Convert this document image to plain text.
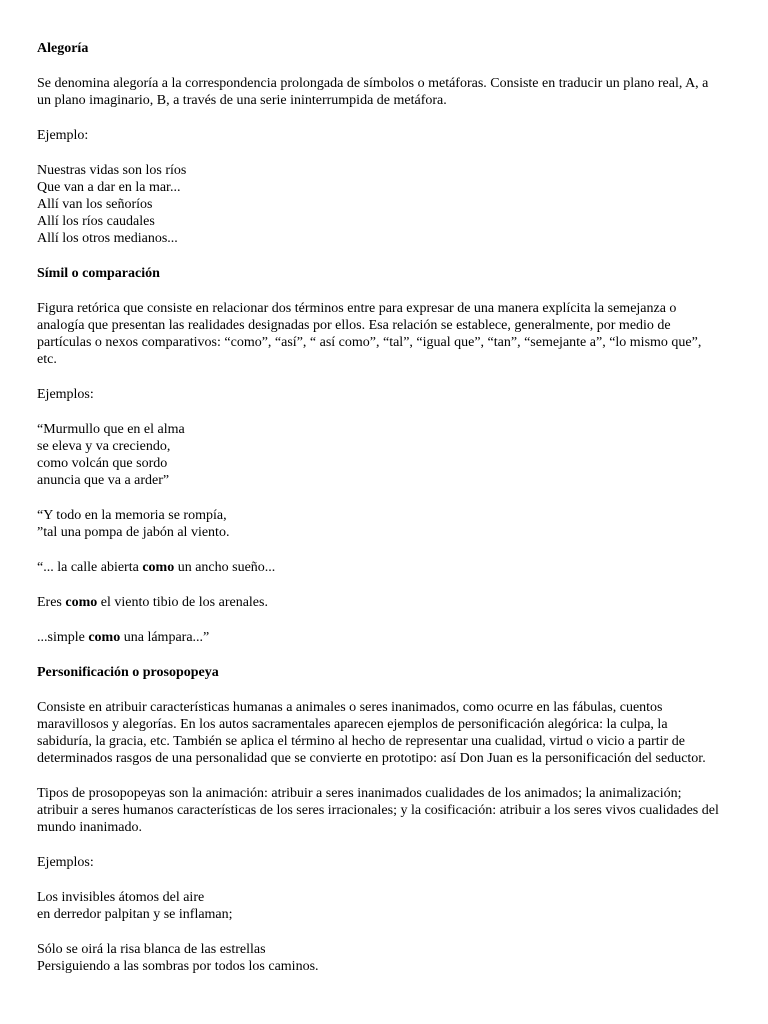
Alegoría

Se denomina alegoría a la correspondencia prolongada de símbolos o metáforas. Consiste en traducir un plano real, A, a
un plano imaginario, B, a través de una serie ininterrumpida de metáfora.

Ejemplo:

Nuestras vidas son los ríos
Que van a dar en la mar...
Allí van los señoríos
Allí los ríos caudales
Allí los otros medianos...

Símil o comparación

Figura retórica que consiste en relacionar dos términos entre para expresar de una manera explícita la semejanza o
analogía que presentan las realidades designadas por ellos. Esa relación se establece, generalmente, por medio de
partículas o nexos comparativos: “como”, “así”, “ así como”, “tal”, “igual que”, “tan”, “semejante a”, “lo mismo que”,
etc.

Ejemplos:

“Murmullo que en el alma
se eleva y va creciendo,
como volcán que sordo
anuncia que va a arder”

“Y todo en la memoria se rompía,
”tal una pompa de jabón al viento.

“... la calle abierta como un ancho sueño...

Eres como el viento tibio de los arenales.

...simple como una lámpara...”

Personificación o prosopopeya

Consiste en atribuir características humanas a animales o seres inanimados, como ocurre en las fábulas, cuentos
maravillosos y alegorías. En los autos sacramentales aparecen ejemplos de personificación alegórica: la culpa, la
sabiduría, la gracia, etc. También se aplica el término al hecho de representar una cualidad, virtud o vicio a partir de
determinados rasgos de una personalidad que se convierte en prototipo: así Don Juan es la personificación del seductor.

Tipos de prosopopeyas son la animación: atribuir a seres inanimados cualidades de los animados; la animalización;
atribuir a seres humanos características de los seres irracionales; y la cosificación: atribuir a los seres vivos cualidades del
mundo inanimado.

Ejemplos:

Los invisibles átomos del aire
en derredor palpitan y se inflaman;

Sólo se oirá la risa blanca de las estrellas
Persiguiendo a las sombras por todos los caminos.
